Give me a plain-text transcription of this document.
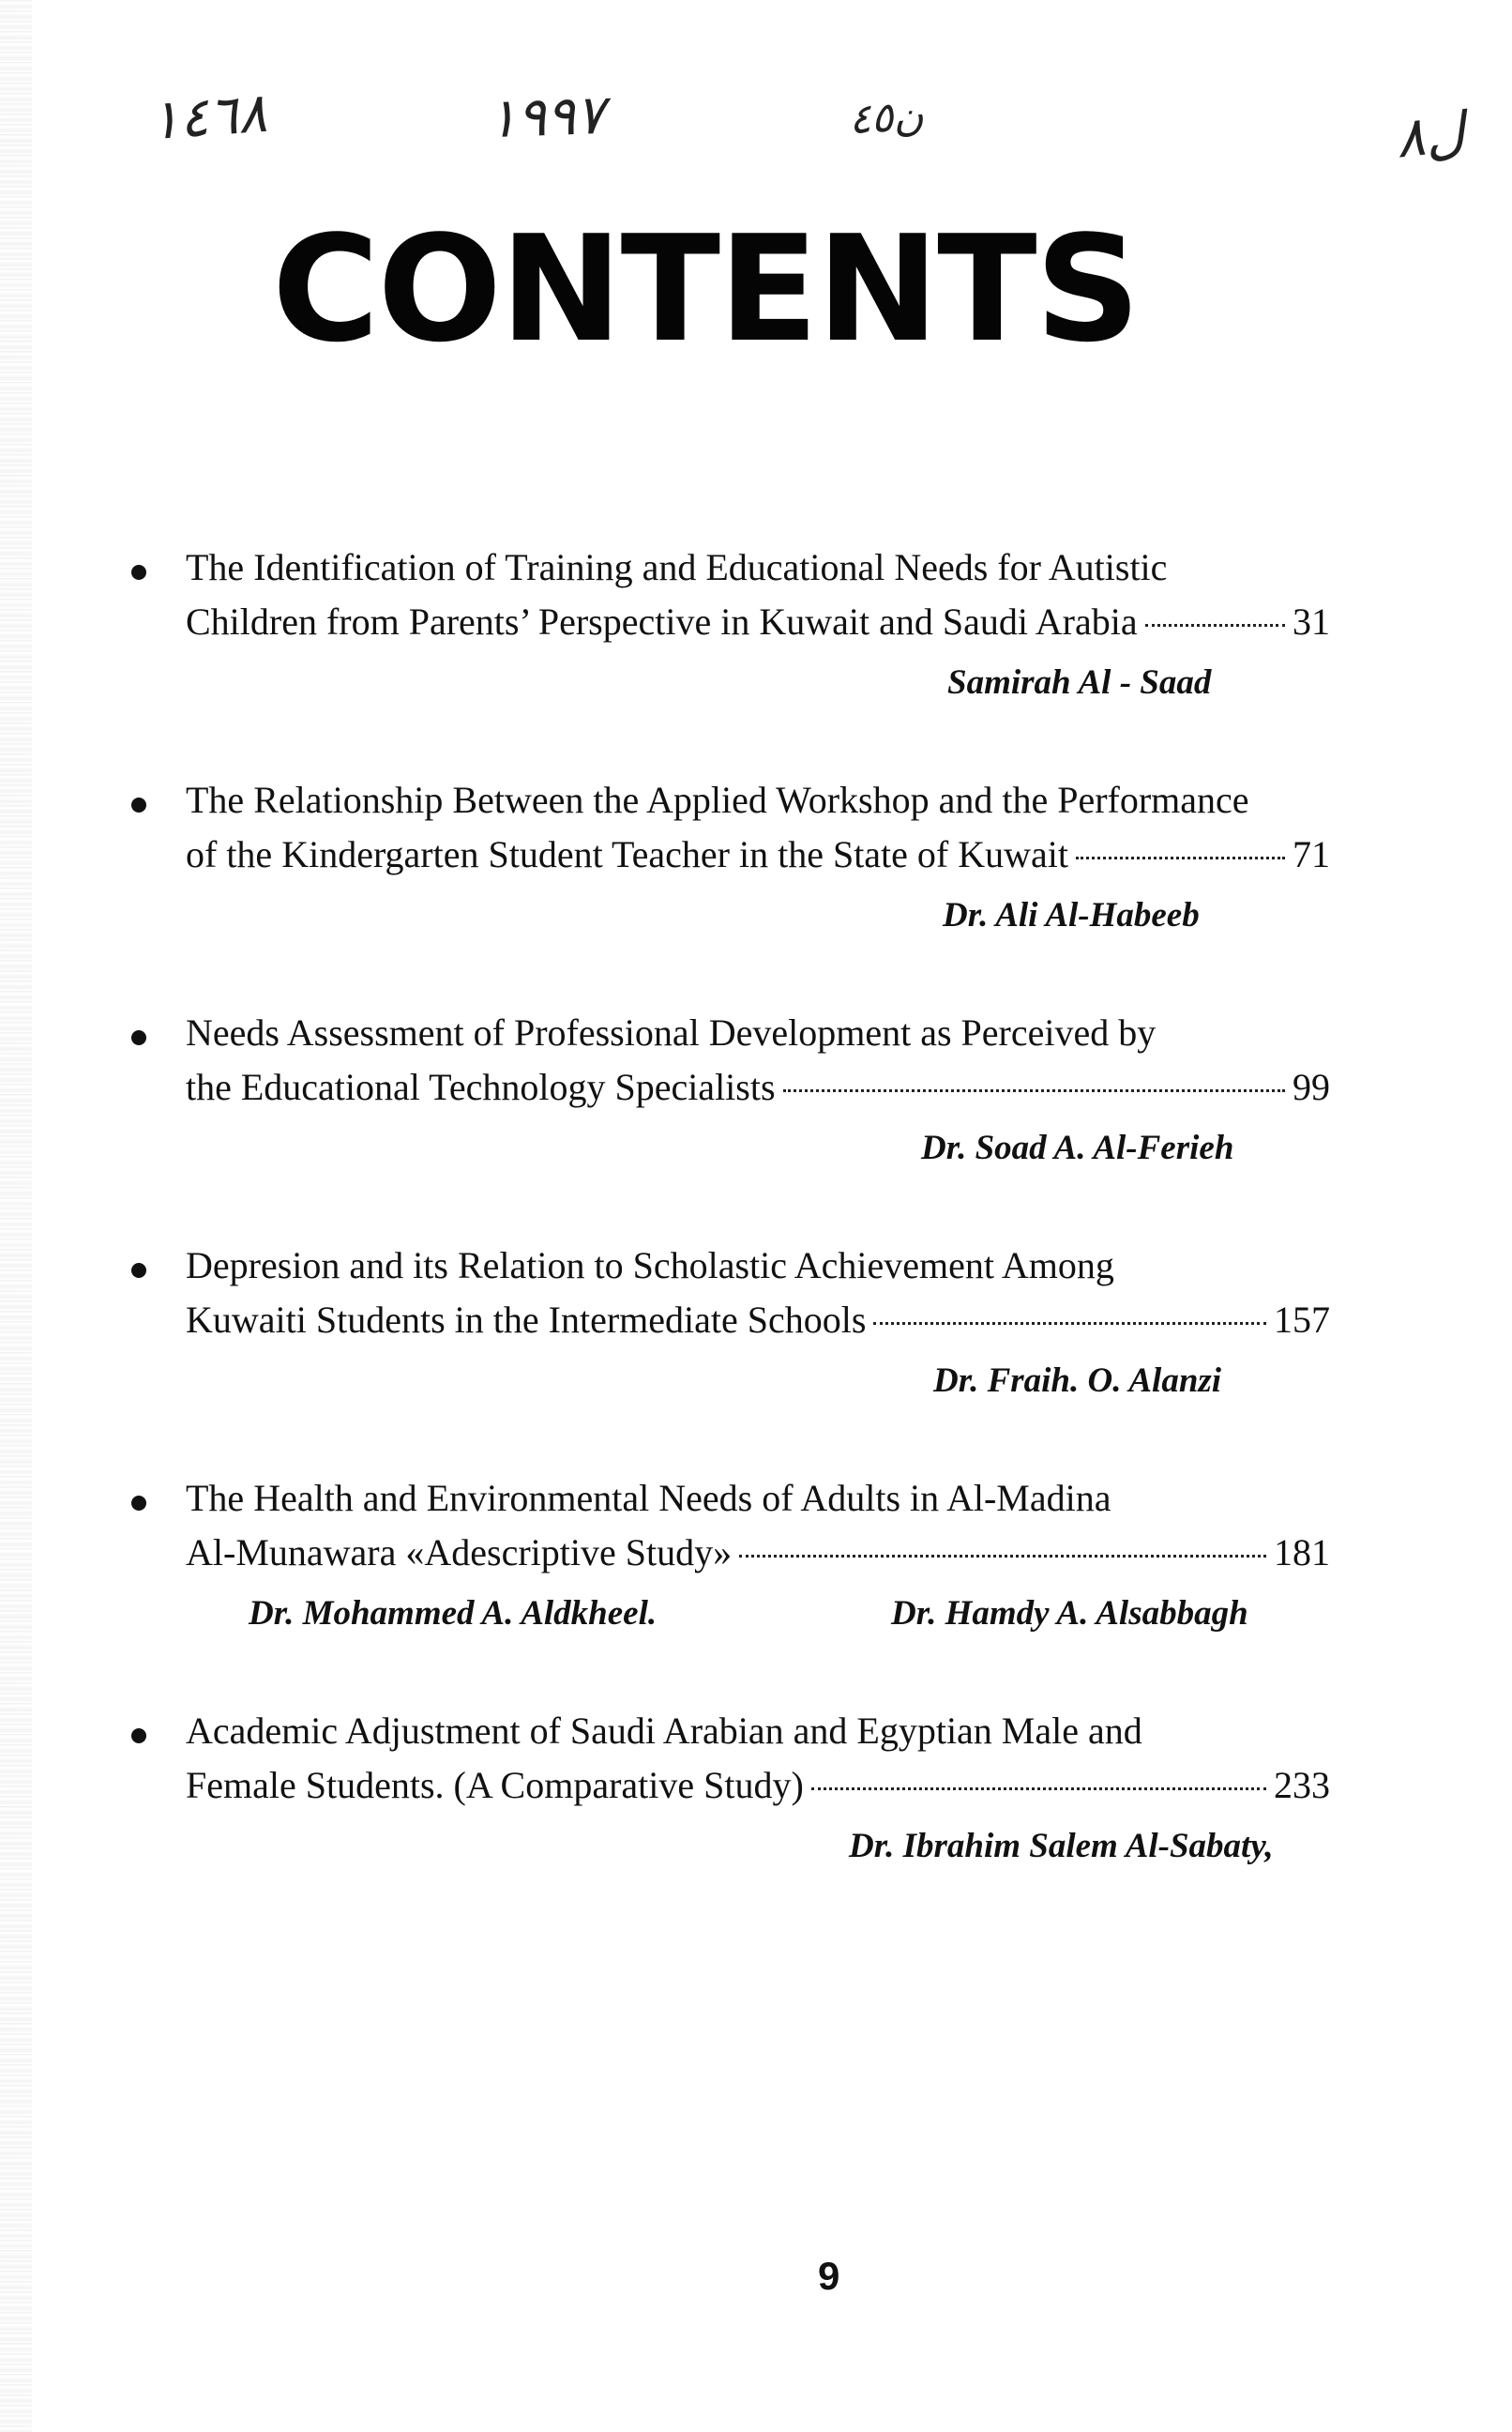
١٤٦٨	١٩٩٧	ن٤٥	ل٨
CONTENTS
The Identification of Training and Educational Needs for Autistic
Children from Parents’ Perspective in Kuwait and Saudi Arabia	31
Samirah Al - Saad
The Relationship Between the Applied Workshop and the Performance
of the Kindergarten Student Teacher in the State of Kuwait	71
Dr. Ali Al-Habeeb
Needs Assessment of Professional Development as Perceived by
the Educational Technology Specialists	99
Dr. Soad A. Al-Ferieh
Depresion and its Relation to Scholastic Achievement Among
Kuwaiti Students in the Intermediate Schools	157
Dr. Fraih. O. Alanzi
The Health and Environmental Needs of Adults in Al-Madina
Al-Munawara «Adescriptive Study»	181
Dr. Mohammed A. Aldkheel.	Dr. Hamdy A. Alsabbagh
Academic Adjustment of Saudi Arabian and Egyptian Male and
Female Students. (A Comparative Study)	233
Dr. Ibrahim Salem Al-Sabaty,
9
